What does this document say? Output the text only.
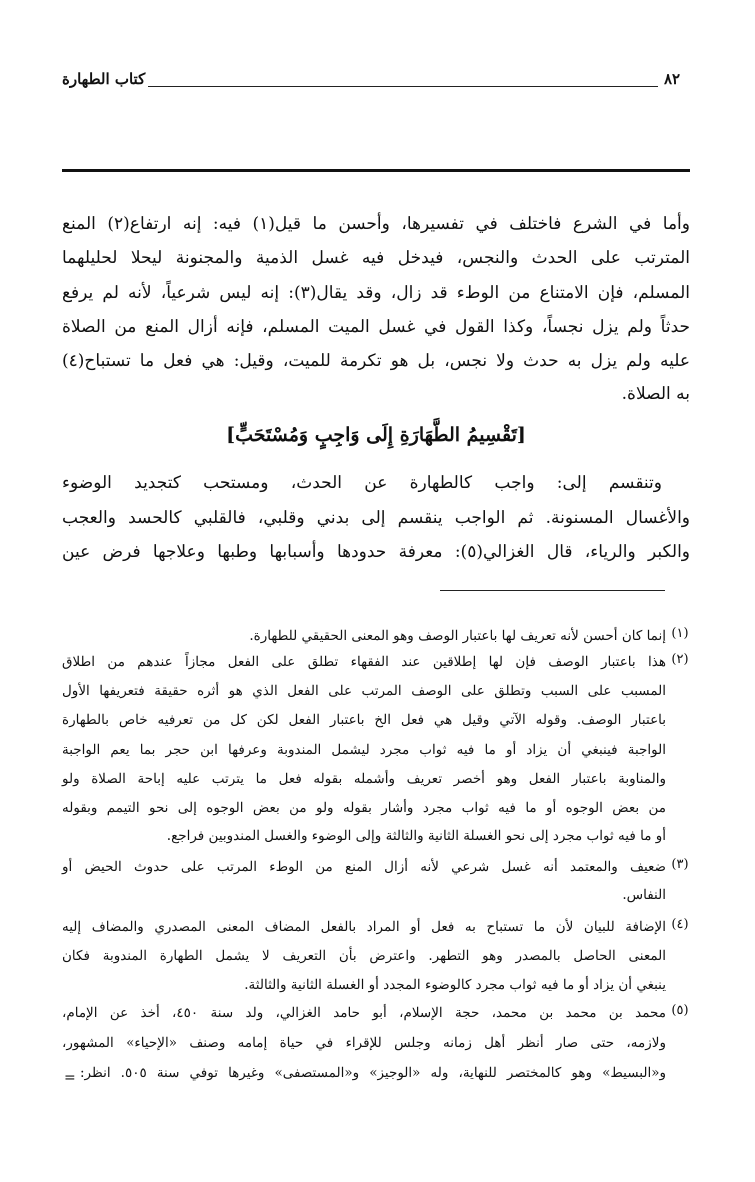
كتاب الطهارة	٨٢
وأما في الشرع فاختلف في تفسيرها، وأحسن ما قيل(١) فيه: إنه ارتفاع(٢) المنع
المترتب على الحدث والنجس، فيدخل فيه غسل الذمية والمجنونة ليحلا لحليلهما
المسلم، فإن الامتناع من الوطء قد زال، وقد يقال(٣): إنه ليس شرعياً، لأنه لم يرفع
حدثاً ولم يزل نجساً، وكذا القول في غسل الميت المسلم، فإنه أزال المنع من الصلاة
عليه ولم يزل به حدث ولا نجس، بل هو تكرمة للميت، وقيل: هي فعل ما تستباح(٤)
به الصلاة.
[تَقْسِيمُ الطَّهَارَةِ إِلَى وَاجِبٍ وَمُسْتَحَبٍّ]
وتنقسم إلى: واجب كالطهارة عن الحدث، ومستحب كتجديد الوضوء
والأغسال المسنونة. ثم الواجب ينقسم إلى بدني وقلبي، فالقلبي كالحسد والعجب
والكبر والرياء، قال الغزالي(٥): معرفة حدودها وأسبابها وطبها وعلاجها فرض عين
(١)
إنما كان أحسن لأنه تعريف لها باعتبار الوصف وهو المعنى الحقيقي للطهارة.
(٢)
هذا باعتبار الوصف فإن لها إطلاقين عند الفقهاء تطلق على الفعل مجازاً عندهم من اطلاق
المسبب على السبب وتطلق على الوصف المرتب على الفعل الذي هو أثره حقيقة فتعريفها الأول
باعتبار الوصف. وقوله الآتي وقيل هي فعل الخ باعتبار الفعل لكن كل من تعرفيه خاص بالطهارة
الواجبة فينبغي أن يزاد أو ما فيه ثواب مجرد ليشمل المندوبة وعرفها ابن حجر بما يعم الواجبة
والمناوبة باعتبار الفعل وهو أخصر تعريف وأشمله بقوله فعل ما يترتب عليه إباحة الصلاة ولو
من بعض الوجوه أو ما فيه ثواب مجرد وأشار بقوله ولو من بعض الوجوه إلى نحو التيمم وبقوله
أو ما فيه ثواب مجرد إلى نحو الغسلة الثانية والثالثة وإلى الوضوء والغسل المندوبين فراجع.
(٣)
ضعيف والمعتمد أنه غسل شرعي لأنه أزال المنع من الوطء المرتب على حدوث الحيض أو
النفاس.
(٤)
الإضافة للبيان لأن ما تستباح به فعل أو المراد بالفعل المضاف المعنى المصدري والمضاف إليه
المعنى الحاصل بالمصدر وهو التطهر. واعترض بأن التعريف لا يشمل الطهارة المندوبة فكان
ينبغي أن يزاد أو ما فيه ثواب مجرد كالوضوء المجدد أو الغسلة الثانية والثالثة.
(٥)
محمد بن محمد بن محمد، حجة الإسلام، أبو حامد الغزالي، ولد سنة ٤٥٠، أخذ عن الإمام،
ولازمه، حتى صار أنظر أهل زمانه وجلس للإقراء في حياة إمامه وصنف «الإحياء» المشهور،
و«البسيط» وهو كالمختصر للنهاية، وله «الوجيز» و«المستصفى» وغيرها توفي سنة ٥٠٥. انظر:
=
